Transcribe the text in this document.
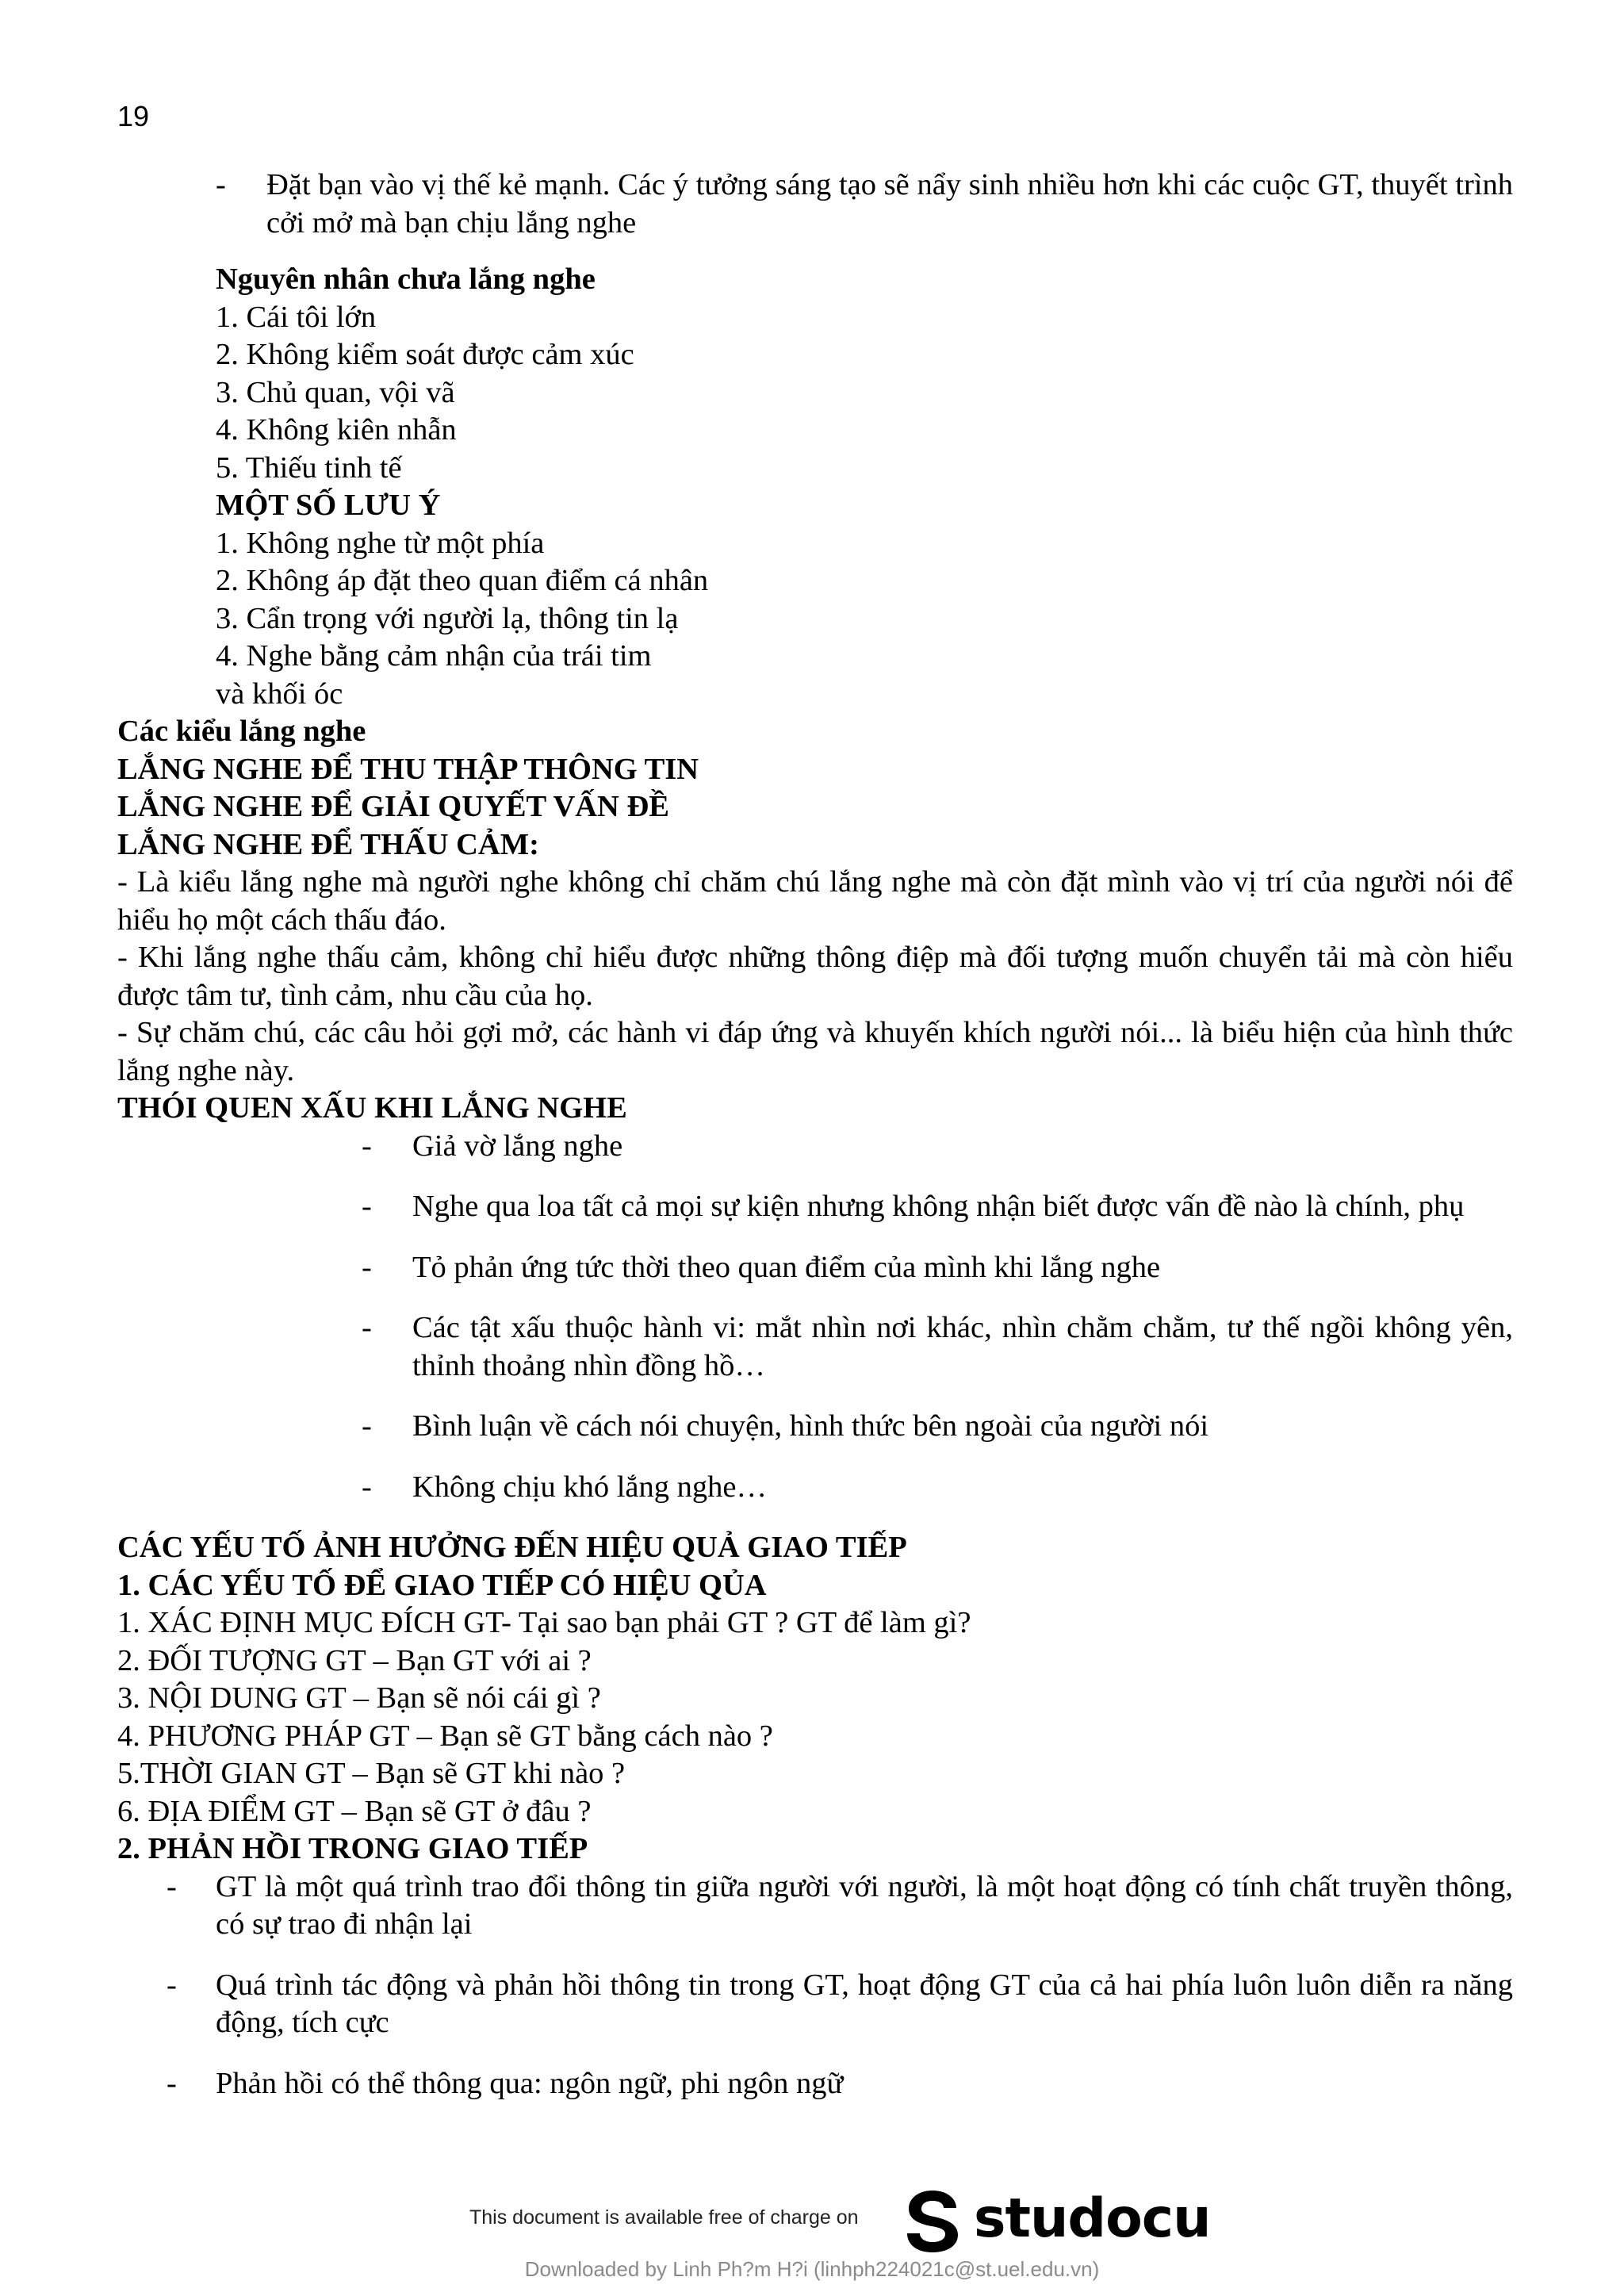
19
- Đặt bạn vào vị thế kẻ mạnh. Các ý tưởng sáng tạo sẽ nẩy sinh nhiều hơn khi các cuộc GT, thuyết trình cởi mở mà bạn chịu lắng nghe
Nguyên nhân chưa lắng nghe
1. Cái tôi lớn
2. Không kiểm soát được cảm xúc
3. Chủ quan, vội vã
4. Không kiên nhẫn
5. Thiếu tinh tế
MỘT SỐ LƯU Ý
1. Không nghe từ một phía
2. Không áp đặt theo quan điểm cá nhân
3. Cẩn trọng với người lạ, thông tin lạ
4. Nghe bằng cảm nhận của trái tim
và khối óc
Các kiểu lắng nghe
LẮNG NGHE ĐỂ THU THẬP THÔNG TIN
LẮNG NGHE ĐỂ GIẢI QUYẾT VẤN ĐỀ
LẮNG NGHE ĐỂ THẤU CẢM:
- Là kiểu lắng nghe mà người nghe không chỉ chăm chú lắng nghe mà còn đặt mình vào vị trí của người nói để hiểu họ một cách thấu đáo.
- Khi lắng nghe thấu cảm, không chỉ hiểu được những thông điệp mà đối tượng muốn chuyển tải mà còn hiểu được tâm tư, tình cảm, nhu cầu của họ.
- Sự chăm chú, các câu hỏi gợi mở, các hành vi đáp ứng và khuyến khích người nói... là biểu hiện của hình thức lắng nghe này.
THÓI QUEN XẤU KHI LẮNG NGHE
- Giả vờ lắng nghe
- Nghe qua loa tất cả mọi sự kiện nhưng không nhận biết được vấn đề nào là chính, phụ
- Tỏ phản ứng tức thời theo quan điểm của mình khi lắng nghe
- Các tật xấu thuộc hành vi: mắt nhìn nơi khác, nhìn chằm chằm, tư thế ngồi không yên, thỉnh thoảng nhìn đồng hồ…
- Bình luận về cách nói chuyện, hình thức bên ngoài của người nói
- Không chịu khó lắng nghe…
CÁC YẾU TỐ ẢNH HƯỞNG ĐẾN HIỆU QUẢ GIAO TIẾP
1. CÁC YẾU TỐ ĐỂ GIAO TIẾP CÓ HIỆU QỦA
1. XÁC ĐỊNH MỤC ĐÍCH GT- Tại sao bạn phải GT ? GT để làm gì?
2. ĐỐI TƯỢNG GT – Bạn GT với ai ?
3. NỘI DUNG GT – Bạn sẽ nói cái gì ?
4. PHƯƠNG PHÁP GT – Bạn sẽ GT bằng cách nào ?
5.THỜI GIAN GT – Bạn sẽ GT khi nào ?
6. ĐỊA ĐIỂM GT – Bạn sẽ GT ở đâu ?
2. PHẢN HỒI TRONG GIAO TIẾP
- GT là một quá trình trao đổi thông tin giữa người với người, là một hoạt động có tính chất truyền thông, có sự trao đi nhận lại
- Quá trình tác động và phản hồi thông tin trong GT, hoạt động GT của cả hai phía luôn luôn diễn ra năng động, tích cực
- Phản hồi có thể thông qua: ngôn ngữ, phi ngôn ngữ
This document is available free of charge on studocu
Downloaded by Linh Ph?m H?i (linhph224021c@st.uel.edu.vn)
